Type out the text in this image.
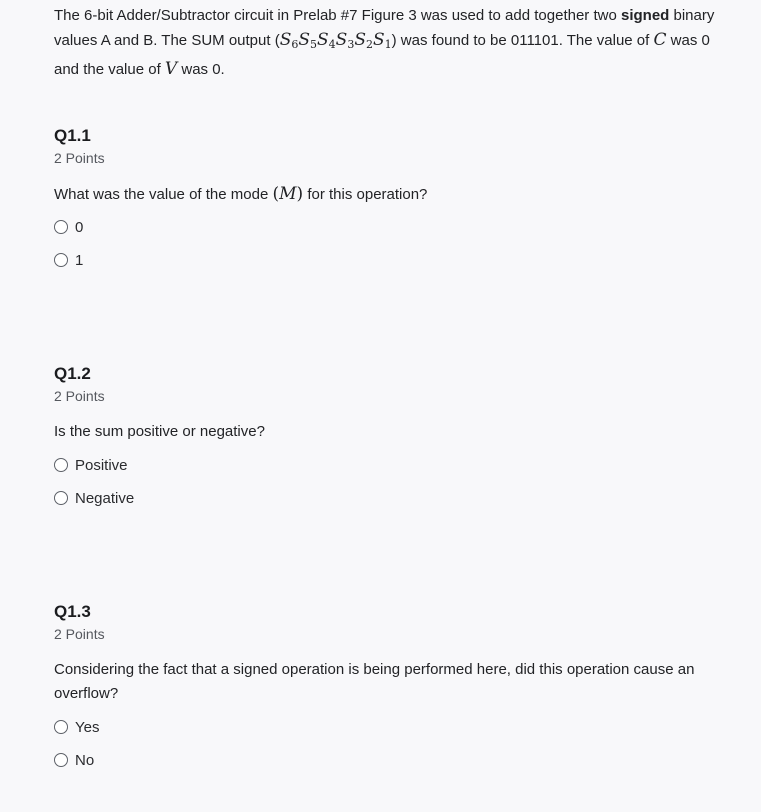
The 6-bit Adder/Subtractor circuit in Prelab #7 Figure 3 was used to add together two signed binary values A and B. The SUM output $(S_6S_5S_4S_3S_2S_1)$ was found to be 011101. The value of C was 0 and the value of V was 0.

Q1.1

2 Points

What was the value of the mode (M) for this operation?

0
1

Q1.2

2 Points

Is the sum positive or negative?

Positive
Negative

Q1.3

2 Points

Considering the fact that a signed operation is being performed here, did this operation cause an overflow?

Yes
No
